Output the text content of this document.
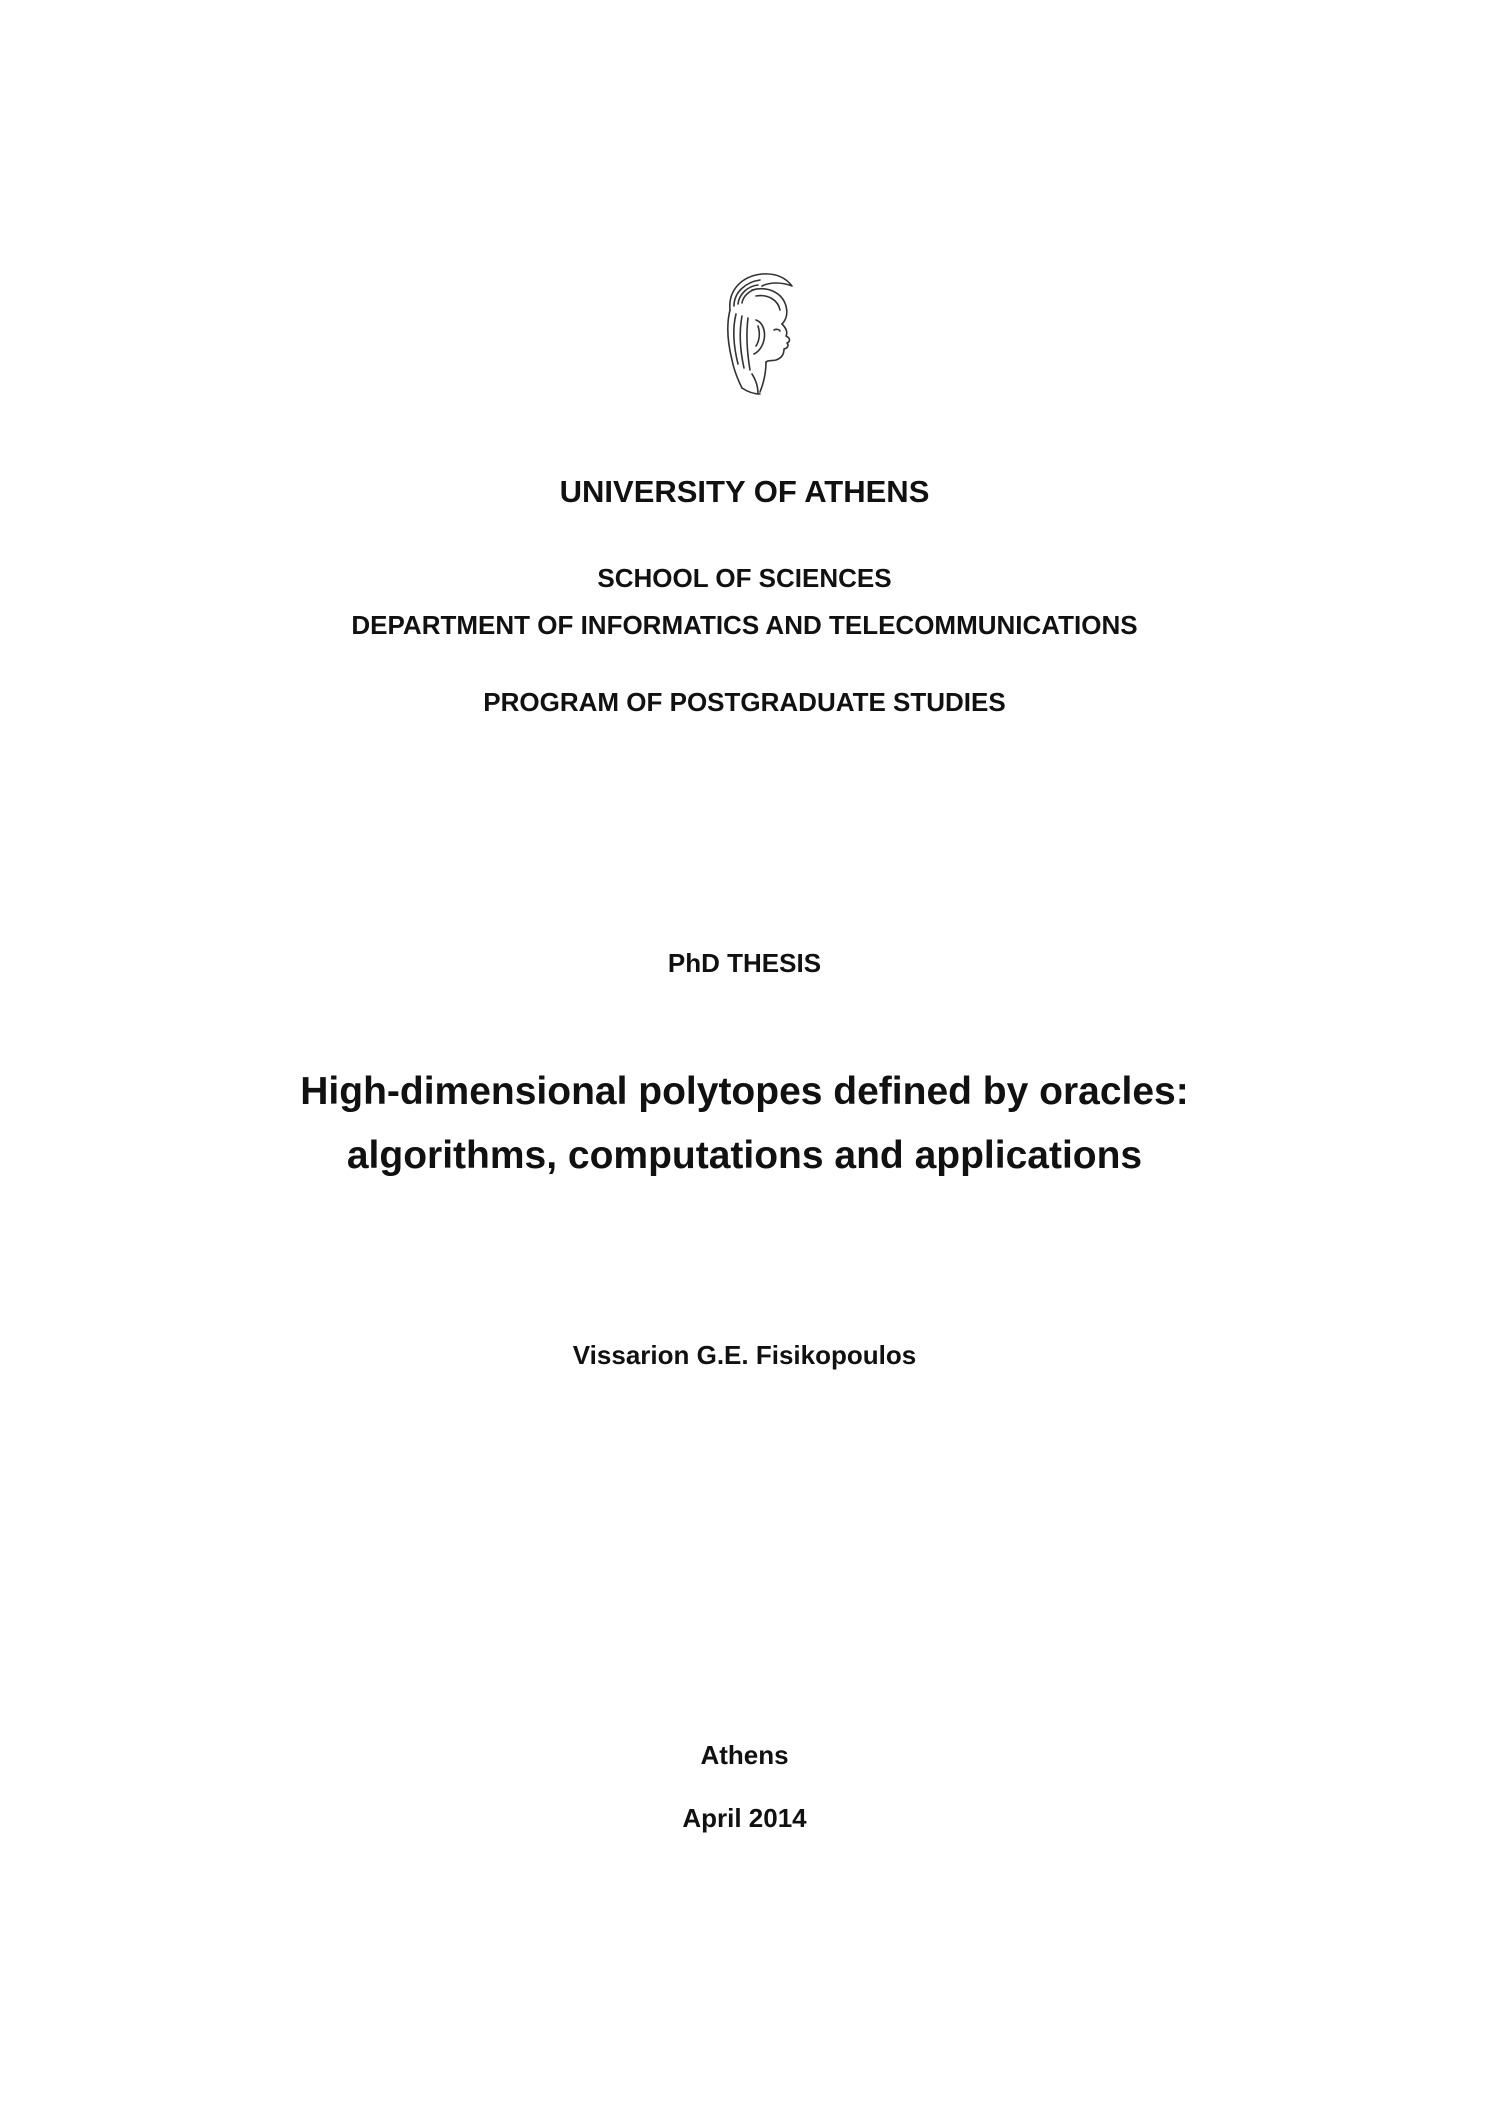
UNIVERSITY OF ATHENS
SCHOOL OF SCIENCES
DEPARTMENT OF INFORMATICS AND TELECOMMUNICATIONS
PROGRAM OF POSTGRADUATE STUDIES
PhD THESIS
High-dimensional polytopes defined by oracles:
algorithms, computations and applications
Vissarion G.E. Fisikopoulos
Athens
April 2014
